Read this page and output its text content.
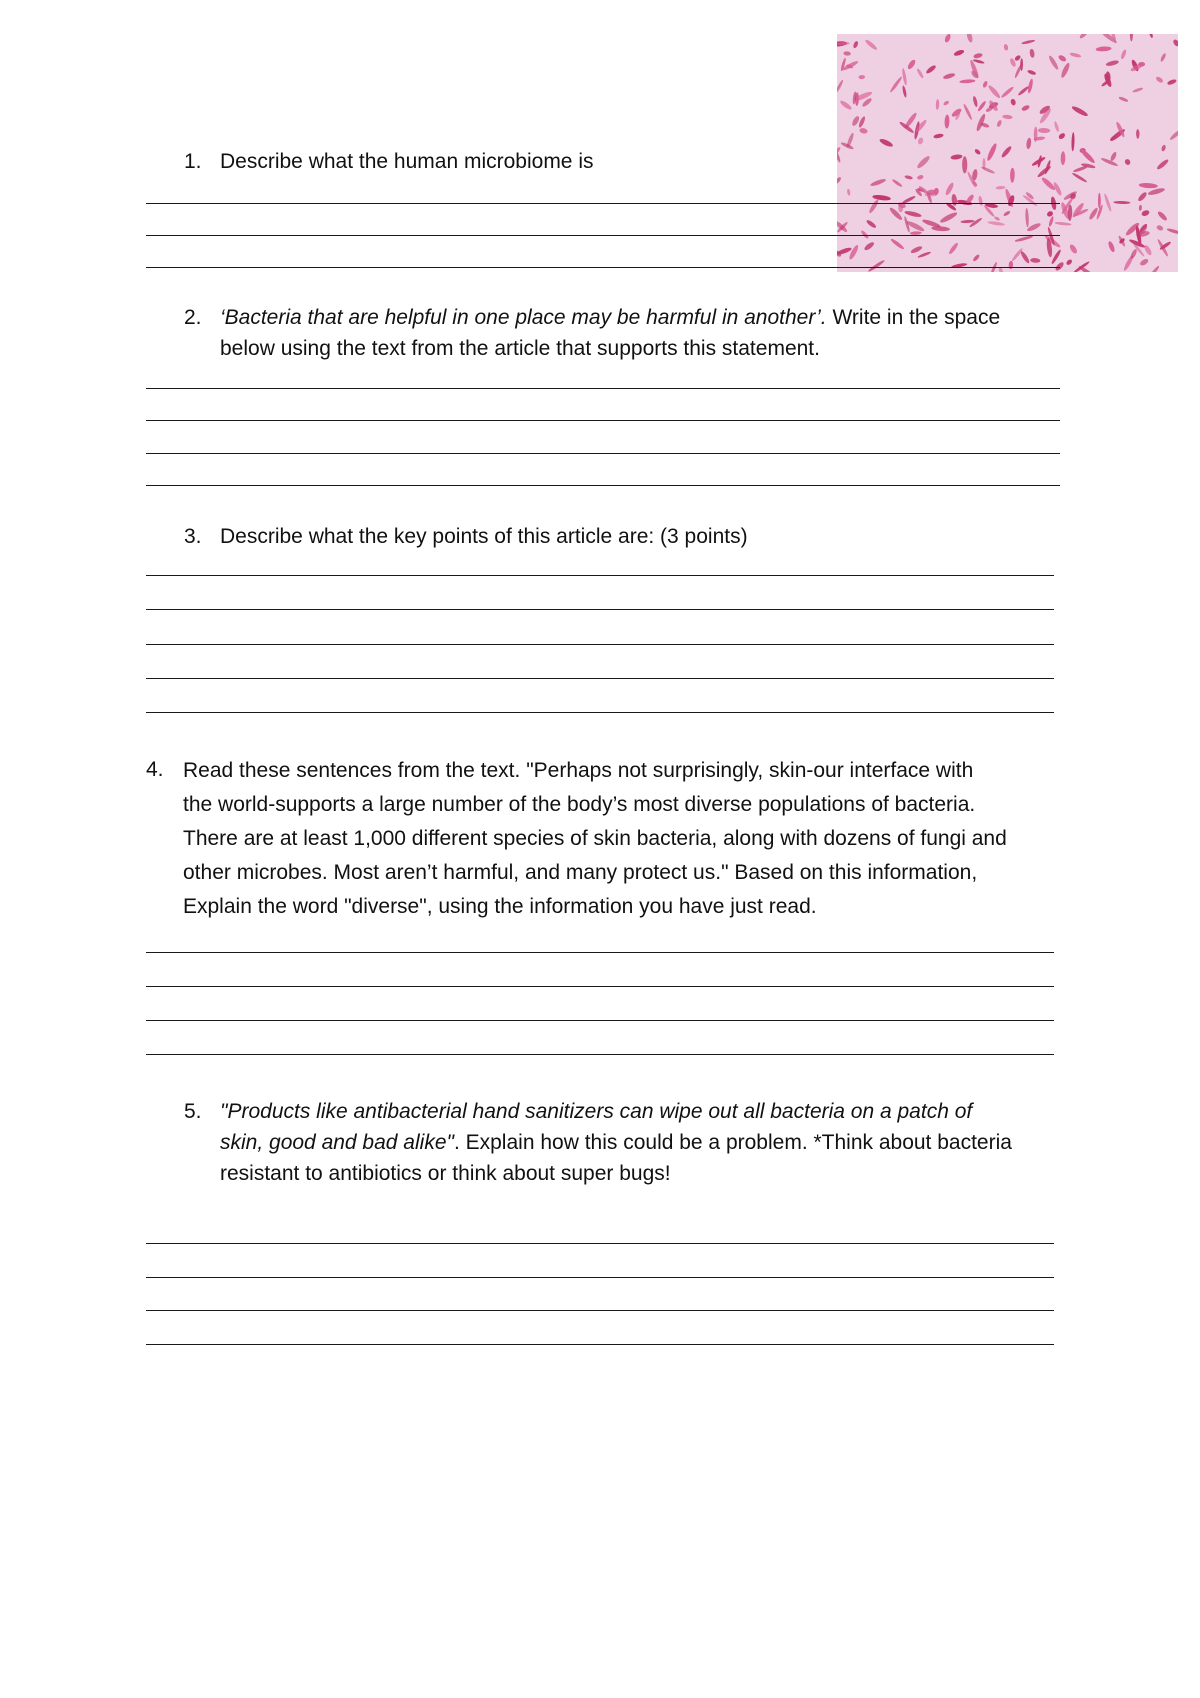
1. Describe what the human microbiome is
2. ‘Bacteria that are helpful in one place may be harmful in another’. Write in the space
below using the text from the article that supports this statement.
3. Describe what the key points of this article are: (3 points)
4. Read these sentences from the text. "Perhaps not surprisingly, skin-our interface with
the world-supports a large number of the body’s most diverse populations of bacteria.
There are at least 1,000 different species of skin bacteria, along with dozens of fungi and
other microbes. Most aren’t harmful, and many protect us." Based on this information,
Explain the word "diverse", using the information you have just read.
5. "Products like antibacterial hand sanitizers can wipe out all bacteria on a patch of
skin, good and bad alike". Explain how this could be a problem. *Think about bacteria
resistant to antibiotics or think about super bugs!
